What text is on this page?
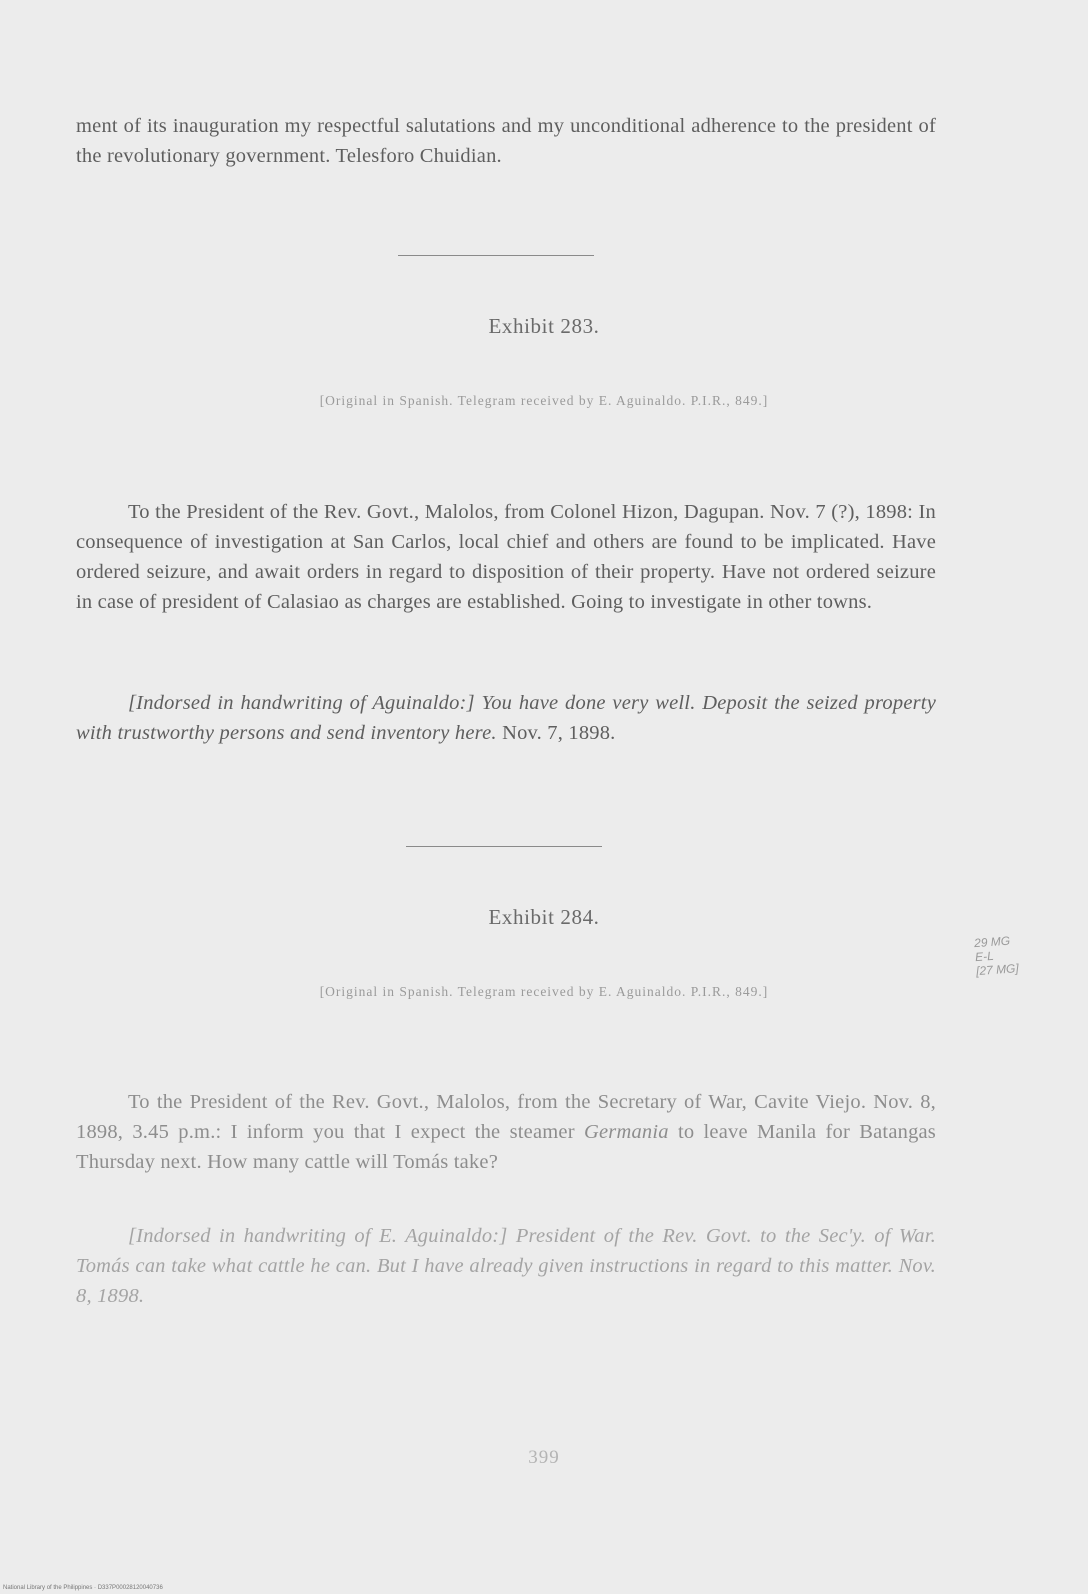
ment of its inauguration my respectful salutations and my unconditional adherence to the president of the revolutionary government. Telesforo Chuidian.

Exhibit 283.
[Original in Spanish. Telegram received by E. Aguinaldo. P.I.R., 849.]

To the President of the Rev. Govt., Malolos, from Colonel Hizon, Dagupan. Nov. 7 (?), 1898: In consequence of investigation at San Carlos, local chief and others are found to be implicated. Have ordered seizure, and await orders in regard to disposition of their property. Have not ordered seizure in case of president of Calasiao as charges are established. Going to investigate in other towns.

[Indorsed in handwriting of Aguinaldo:] You have done very well. Deposit the seized property with trustworthy persons and send inventory here. Nov. 7, 1898.

Exhibit 284.
[Original in Spanish. Telegram received by E. Aguinaldo. P.I.R., 849.]
29 MG
E-L
[27 MG]

To the President of the Rev. Govt., Malolos, from the Secretary of War, Cavite Viejo. Nov. 8, 1898, 3.45 p.m.: I inform you that I expect the steamer Germania to leave Manila for Batangas Thursday next. How many cattle will Tomás take?

[Indorsed in handwriting of E. Aguinaldo:] President of the Rev. Govt. to the Sec'y. of War. Tomás can take what cattle he can. But I have already given instructions in regard to this matter. Nov. 8, 1898.

399
National Library of the Philippines · D337P00028120040736
